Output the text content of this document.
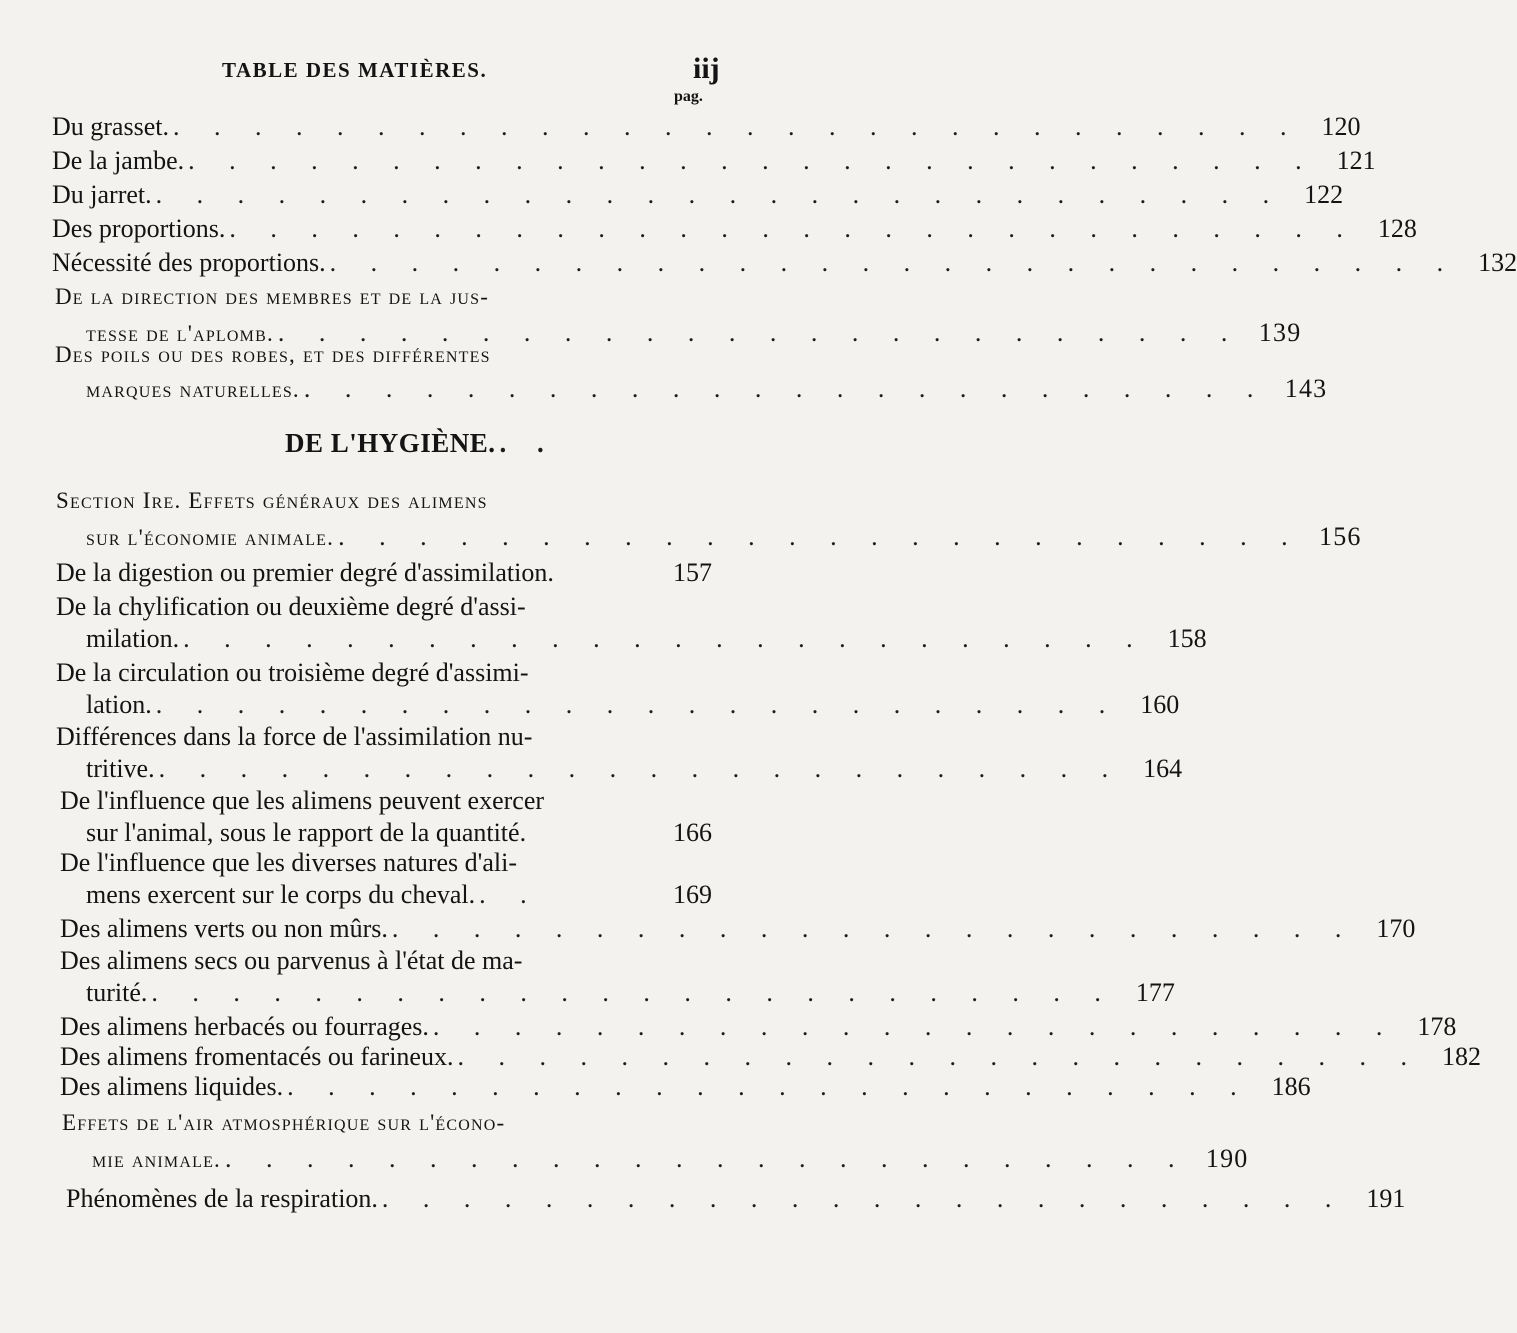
TABLE DES MATIÈRES.	iij
pag.
Du grasset. . . . . . . . . . . . . . . . . . . . . . . . . . . . . 120
De la jambe. . . . . . . . . . . . . . . . . . . . . . . . . . . . . 121
Du jarret. . . . . . . . . . . . . . . . . . . . . . . . . . . . . 122
Des proportions. . . . . . . . . . . . . . . . . . . . . . . . . . . . . 128
Nécessité des proportions. . . . . . . . . . . . . . . . . . . . . . . . . . . . . 132
De la direction des membres et de la jus-
tesse de l'aplomb. . . . . . . . . . . . . . . . . . . . . . . . . 139
Des poils ou des robes, et des différentes
marques naturelles. . . . . . . . . . . . . . . . . . . . . . . . . 143
DE L'HYGIÈNE. . .
Section Ire. Effets généraux des alimens
sur l'économie animale. . . . . . . . . . . . . . . . . . . . . . . . . 156
De la digestion ou premier degré d'assimilation.	157
De la chylification ou deuxième degré d'assi-
milation. . . . . . . . . . . . . . . . . . . . . . . . . 158
De la circulation ou troisième degré d'assimi-
lation. . . . . . . . . . . . . . . . . . . . . . . . . 160
Différences dans la force de l'assimilation nu-
tritive. . . . . . . . . . . . . . . . . . . . . . . . . 164
De l'influence que les alimens peuvent exercer
sur l'animal, sous le rapport de la quantité.	166
De l'influence que les diverses natures d'ali-
mens exercent sur le corps du cheval. . .	169
Des alimens verts ou non mûrs. . . . . . . . . . . . . . . . . . . . . . . . . 170
Des alimens secs ou parvenus à l'état de ma-
turité. . . . . . . . . . . . . . . . . . . . . . . . . 177
Des alimens herbacés ou fourrages. . . . . . . . . . . . . . . . . . . . . . . . . 178
Des alimens fromentacés ou farineux. . . . . . . . . . . . . . . . . . . . . . . . . 182
Des alimens liquides. . . . . . . . . . . . . . . . . . . . . . . . . 186
Effets de l'air atmosphérique sur l'écono-
mie animale. . . . . . . . . . . . . . . . . . . . . . . . . 190
Phénomènes de la respiration. . . . . . . . . . . . . . . . . . . . . . . . . 191
